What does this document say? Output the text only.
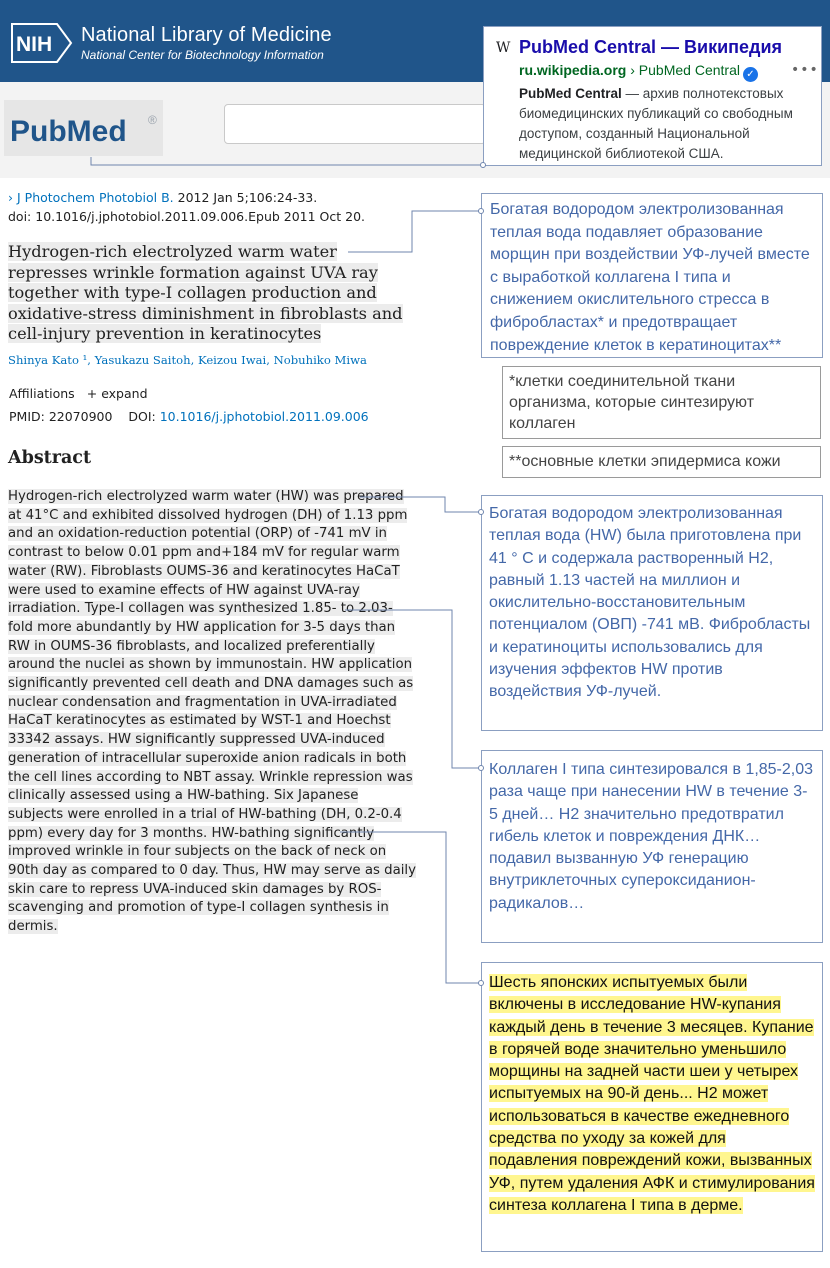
NIH National Library of Medicine
National Center for Biotechnology Information
PubMed ®
W PubMed Central — Википедия
ru.wikipedia.org › PubMed Central ✓	•••
PubMed Central — архив полнотекстовых биомедицинских публикаций со свободным доступом, созданный Национальной медицинской библиотекой США.
› J Photochem Photobiol B. 2012 Jan 5;106:24-33.
doi: 10.1016/j.jphotobiol.2011.09.006.Epub 2011 Oct 20.
Hydrogen-rich electrolyzed warm water represses wrinkle formation against UVA ray together with type-I collagen production and oxidative-stress diminishment in fibroblasts and cell-injury prevention in keratinocytes
Shinya Kato ¹, Yasukazu Saitoh, Keizou Iwai, Nobuhiko Miwa
Affiliations + expand
PMID: 22070900 DOI: 10.1016/j.jphotobiol.2011.09.006
Abstract
Hydrogen-rich electrolyzed warm water (HW) was prepared at 41°C and exhibited dissolved hydrogen (DH) of 1.13 ppm and an oxidation-reduction potential (ORP) of -741 mV in contrast to below 0.01 ppm and+184 mV for regular warm water (RW). Fibroblasts OUMS-36 and keratinocytes HaCaT were used to examine effects of HW against UVA-ray irradiation. Type-I collagen was synthesized 1.85- to 2.03-fold more abundantly by HW application for 3-5 days than RW in OUMS-36 fibroblasts, and localized preferentially around the nuclei as shown by immunostain. HW application significantly prevented cell death and DNA damages such as nuclear condensation and fragmentation in UVA-irradiated HaCaT keratinocytes as estimated by WST-1 and Hoechst 33342 assays. HW significantly suppressed UVA-induced generation of intracellular superoxide anion radicals in both the cell lines according to NBT assay. Wrinkle repression was clinically assessed using a HW-bathing. Six Japanese subjects were enrolled in a trial of HW-bathing (DH, 0.2-0.4 ppm) every day for 3 months. HW-bathing significantly improved wrinkle in four subjects on the back of neck on 90th day as compared to 0 day. Thus, HW may serve as daily skin care to repress UVA-induced skin damages by ROS-scavenging and promotion of type-I collagen synthesis in dermis.
Богатая водородом электролизованная теплая вода подавляет образование морщин при воздействии УФ-лучей вместе с выработкой коллагена I типа и снижением окислительного стресса в фибробластах* и предотвращает повреждение клеток в кератиноцитах**
*клетки соединительной ткани организма, которые синтезируют коллаген
**основные клетки эпидермиса кожи
Богатая водородом электролизованная теплая вода (HW) была приготовлена при 41 ° C и содержала растворенный H2, равный 1.13 частей на миллион и окислительно-восстановительным потенциалом (ОВП) -741 мВ. Фибробласты и кератиноциты использовались для изучения эффектов HW против воздействия УФ-лучей.
Коллаген I типа синтезировался в 1,85-2,03 раза чаще при нанесении HW в течение 3-5 дней… H2 значительно предотвратил гибель клеток и повреждения ДНК… подавил вызванную УФ генерацию внутриклеточных супероксиданион-радикалов…
Шесть японских испытуемых были включены в исследование HW-купания каждый день в течение 3 месяцев. Купание в горячей воде значительно уменьшило морщины на задней части шеи у четырех испытуемых на 90-й день... H2 может использоваться в качестве ежедневного средства по уходу за кожей для подавления повреждений кожи, вызванных УФ, путем удаления АФК и стимулирования синтеза коллагена I типа в дерме.
